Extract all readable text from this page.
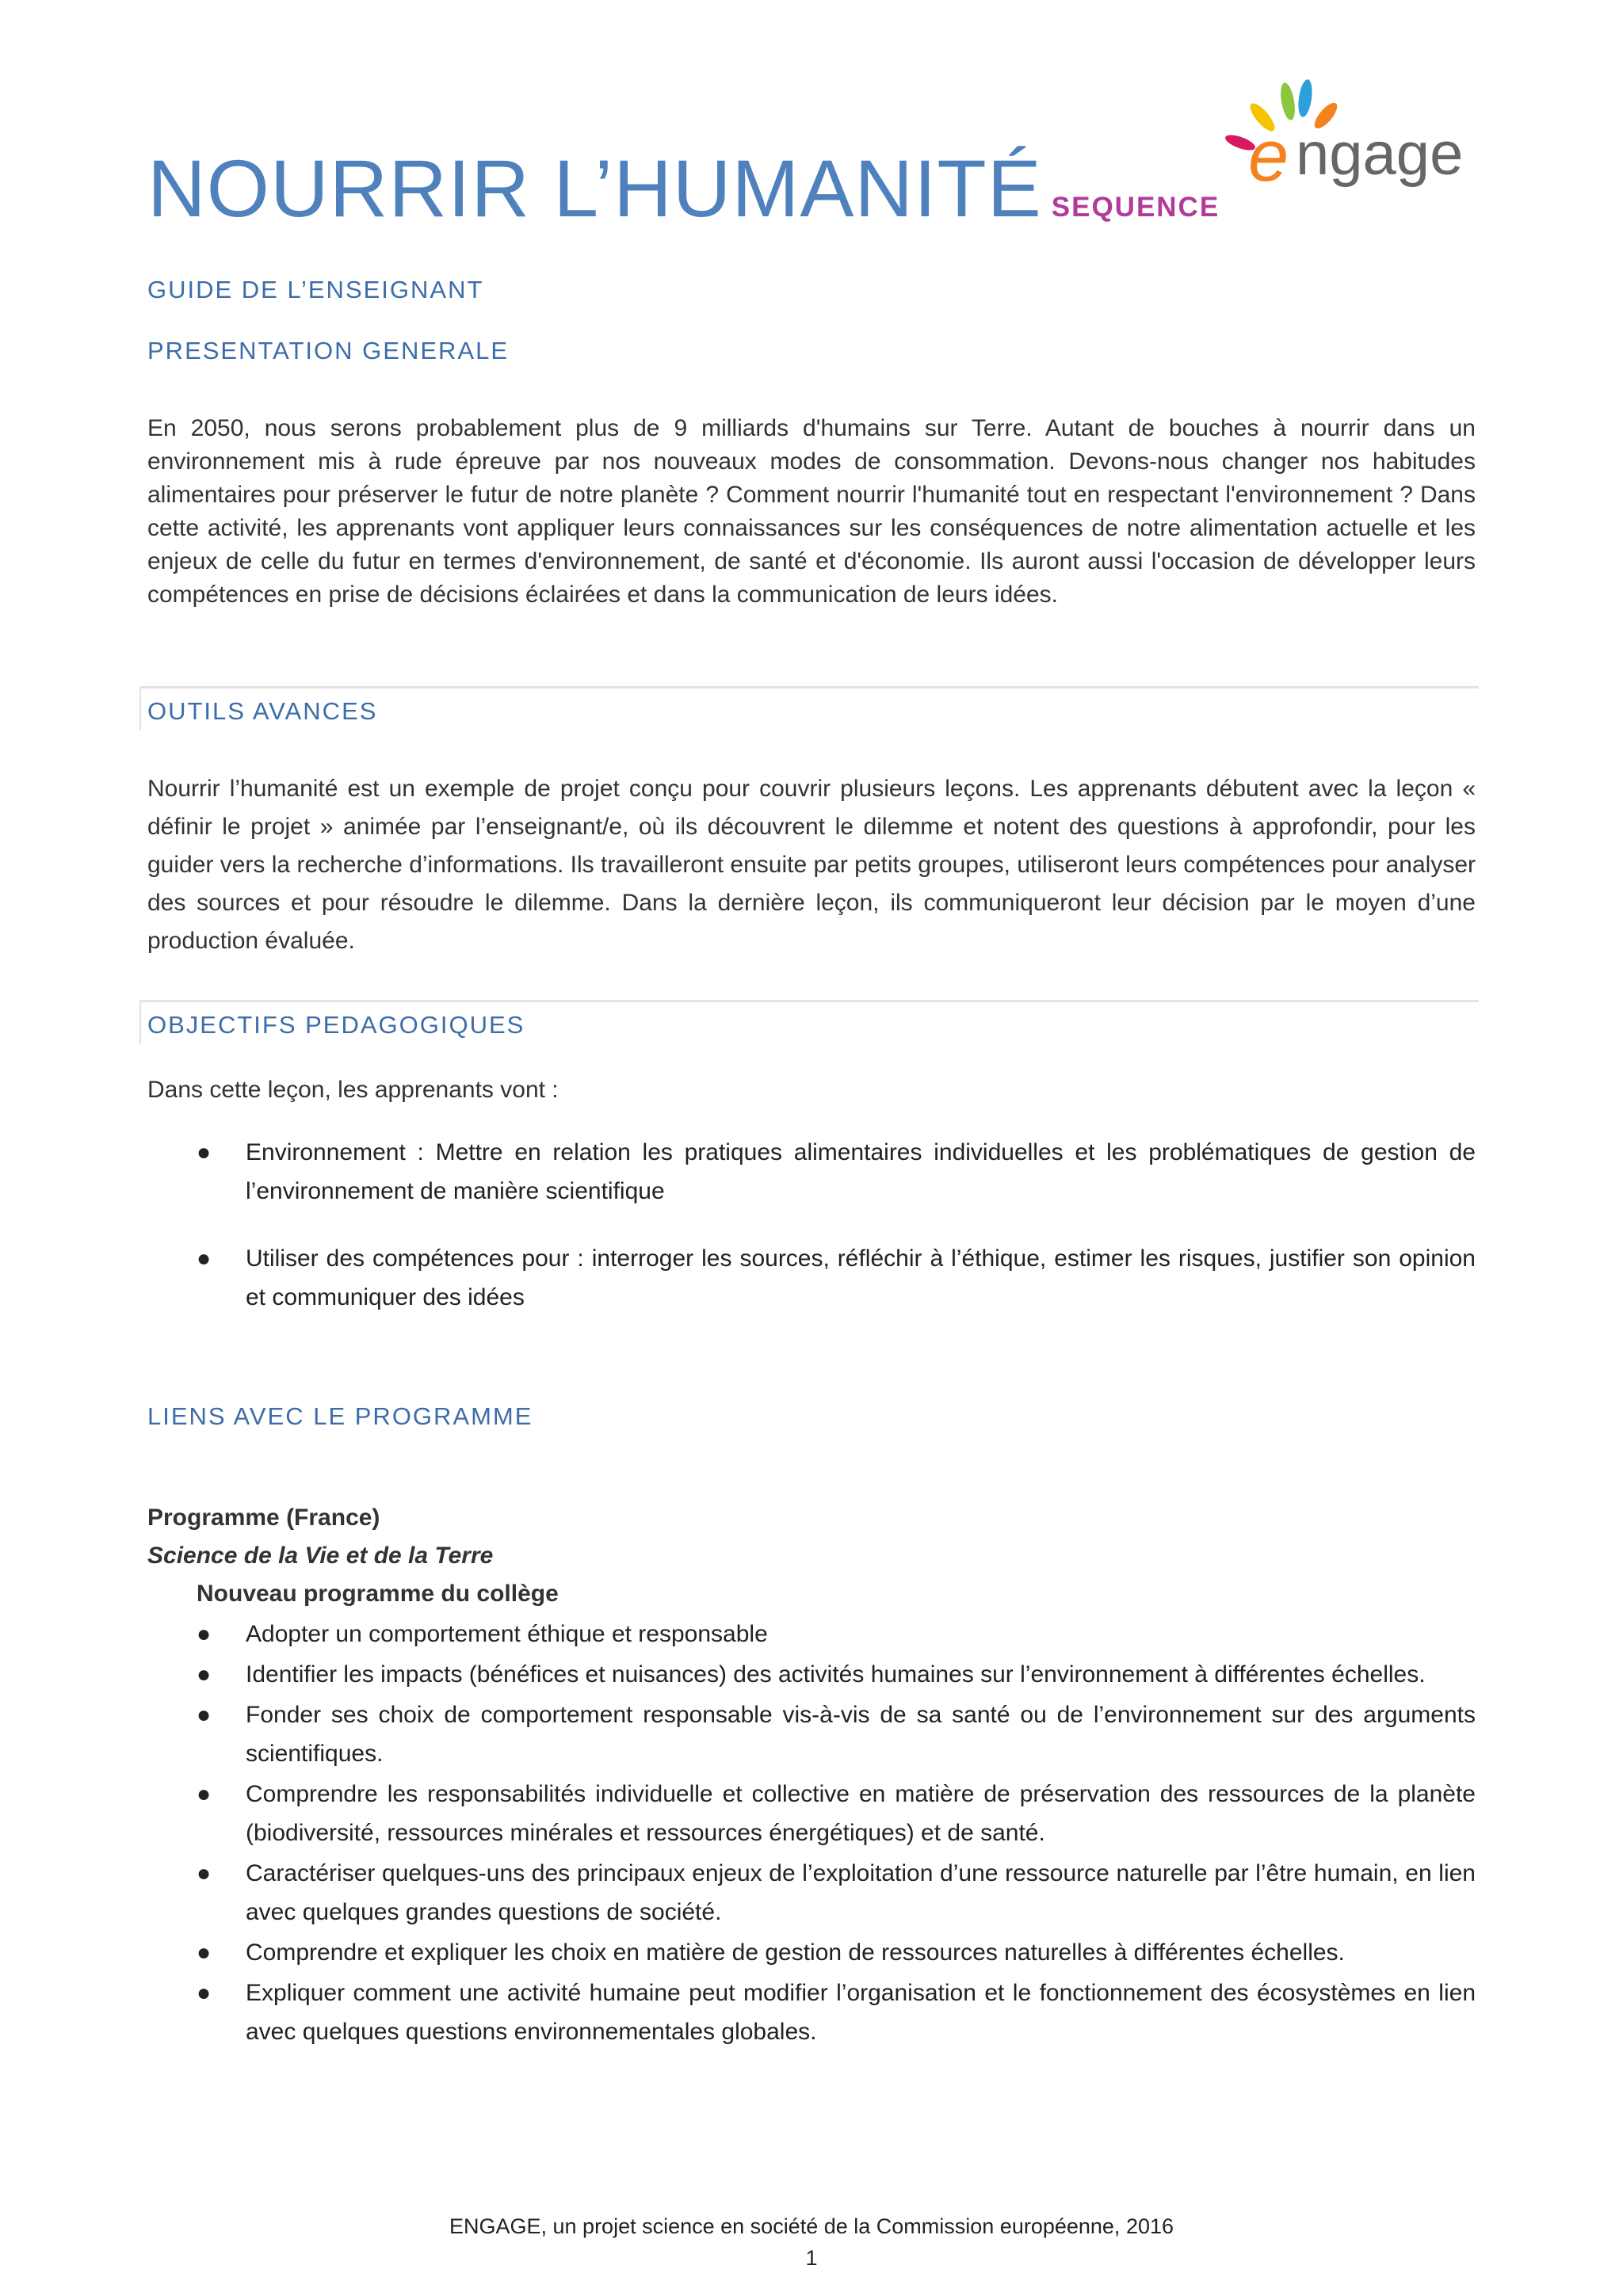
e ngage
NOURRIR L’HUMANITÉ SEQUENCE
GUIDE DE L’ENSEIGNANT
PRESENTATION GENERALE

En 2050, nous serons probablement plus de 9 milliards d'humains sur Terre. Autant de bouches à nourrir dans un environnement mis à rude épreuve par nos nouveaux modes de consommation. Devons-nous changer nos habitudes alimentaires pour préserver le futur de notre planète ? Comment nourrir l'humanité tout en respectant l'environnement ? Dans cette activité, les apprenants vont appliquer leurs connaissances sur les conséquences de notre alimentation actuelle et les enjeux de celle du futur en termes d'environnement, de santé et d'économie. Ils auront aussi l'occasion de développer leurs compétences en prise de décisions éclairées et dans la communication de leurs idées.

OUTILS AVANCES

Nourrir l’humanité est un exemple de projet conçu pour couvrir plusieurs leçons. Les apprenants débutent avec la leçon « définir le projet » animée par l’enseignant/e, où ils découvrent le dilemme et notent des questions à approfondir, pour les guider vers la recherche d’informations. Ils travailleront ensuite par petits groupes, utiliseront leurs compétences pour analyser des sources et pour résoudre le dilemme. Dans la dernière leçon, ils communiqueront leur décision par le moyen d’une production évaluée.

OBJECTIFS PEDAGOGIQUES

Dans cette leçon, les apprenants vont :

● Environnement : Mettre en relation les pratiques alimentaires individuelles et les problématiques de gestion de l’environnement de manière scientifique
● Utiliser des compétences pour : interroger les sources, réfléchir à l’éthique, estimer les risques, justifier son opinion et communiquer des idées
LIENS AVEC LE PROGRAMME

Programme (France)

Science de la Vie et de la Terre

Nouveau programme du collège

● Adopter un comportement éthique et responsable
● Identifier les impacts (bénéfices et nuisances) des activités humaines sur l’environnement à différentes échelles.
● Fonder ses choix de comportement responsable vis-à-vis de sa santé ou de l’environnement sur des arguments scientifiques.
● Comprendre les responsabilités individuelle et collective en matière de préservation des ressources de la planète (biodiversité, ressources minérales et ressources énergétiques) et de santé.
● Caractériser quelques-uns des principaux enjeux de l’exploitation d’une ressource naturelle par l’être humain, en lien avec quelques grandes questions de société.
● Comprendre et expliquer les choix en matière de gestion de ressources naturelles à différentes échelles.
● Expliquer comment une activité humaine peut modifier l’organisation et le fonctionnement des écosystèmes en lien avec quelques questions environnementales globales.
ENGAGE, un projet science en société de la Commission européenne, 2016
1
